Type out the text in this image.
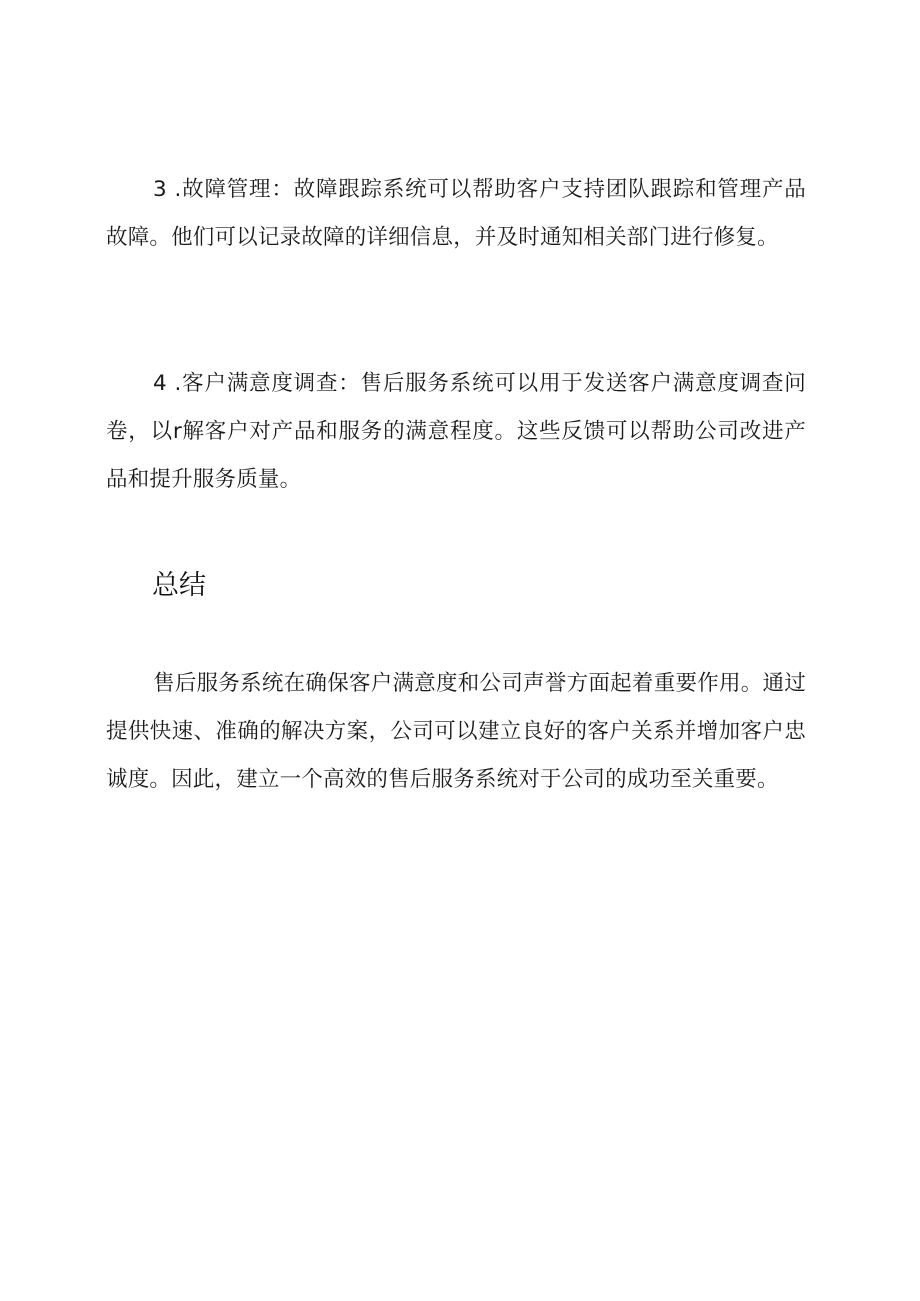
3 .故障管理：故障跟踪系统可以帮助客户支持团队跟踪和管理产品故障。他们可以记录故障的详细信息，并及时通知相关部门进行修复。

4 .客户满意度调查：售后服务系统可以用于发送客户满意度调查问卷，以r解客户对产品和服务的满意程度。这些反馈可以帮助公司改进产品和提升服务质量。

总结

售后服务系统在确保客户满意度和公司声誉方面起着重要作用。通过提供快速、准确的解决方案，公司可以建立良好的客户关系并增加客户忠诚度。因此，建立一个高效的售后服务系统对于公司的成功至关重要。
